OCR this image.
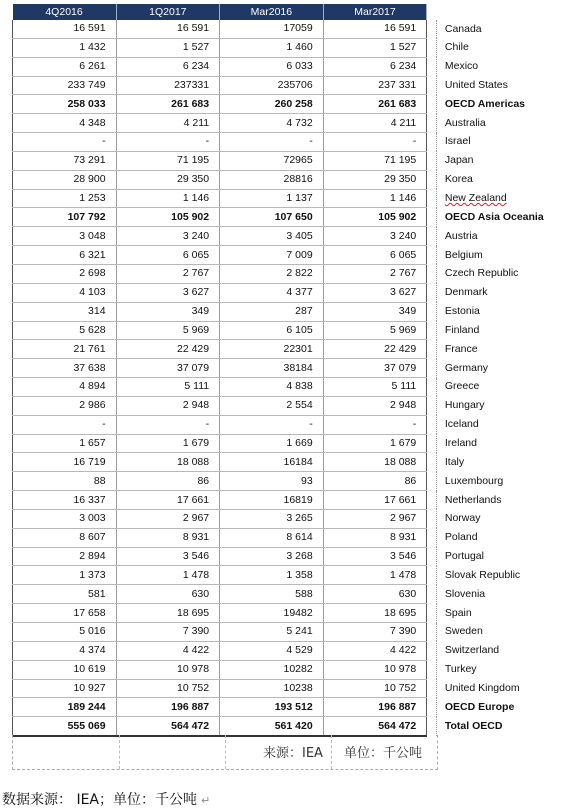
4Q2016	1Q2017	Mar2016	Mar2017		
16 591	16 591	17059	16 591		Canada
1 432	1 527	1 460	1 527		Chile
6 261	6 234	6 033	6 234		Mexico
233 749	237331	235706	237 331		United States
258 033	261 683	260 258	261 683		OECD Americas
4 348	4 211	4 732	4 211		Australia
-	-	-	-		Israel
73 291	71 195	72965	71 195		Japan
28 900	29 350	28816	29 350		Korea
1 253	1 146	1 137	1 146		New Zealand
107 792	105 902	107 650	105 902		OECD Asia Oceania
3 048	3 240	3 405	3 240		Austria
6 321	6 065	7 009	6 065		Belgium
2 698	2 767	2 822	2 767		Czech Republic
4 103	3 627	4 377	3 627		Denmark
314	349	287	349		Estonia
5 628	5 969	6 105	5 969		Finland
21 761	22 429	22301	22 429		France
37 638	37 079	38184	37 079		Germany
4 894	5 111	4 838	5 111		Greece
2 986	2 948	2 554	2 948		Hungary
-	-	-	-		Iceland
1 657	1 679	1 669	1 679		Ireland
16 719	18 088	16184	18 088		Italy
88	86	93	86		Luxembourg
16 337	17 661	16819	17 661		Netherlands
3 003	2 967	3 265	2 967		Norway
8 607	8 931	8 614	8 931		Poland
2 894	3 546	3 268	3 546		Portugal
1 373	1 478	1 358	1 478		Slovak Republic
581	630	588	630		Slovenia
17 658	18 695	19482	18 695		Spain
5 016	7 390	5 241	7 390		Sweden
4 374	4 422	4 529	4 422		Switzerland
10 619	10 978	10282	10 978		Turkey
10 927	10 752	10238	10 752		United Kingdom
189 244	196 887	193 512	196 887		OECD Europe
555 069	564 472	561 420	564 472		Total OECD
来源：IEA 单位：千公吨
数据来源： IEA；单位：千公吨 ↵
